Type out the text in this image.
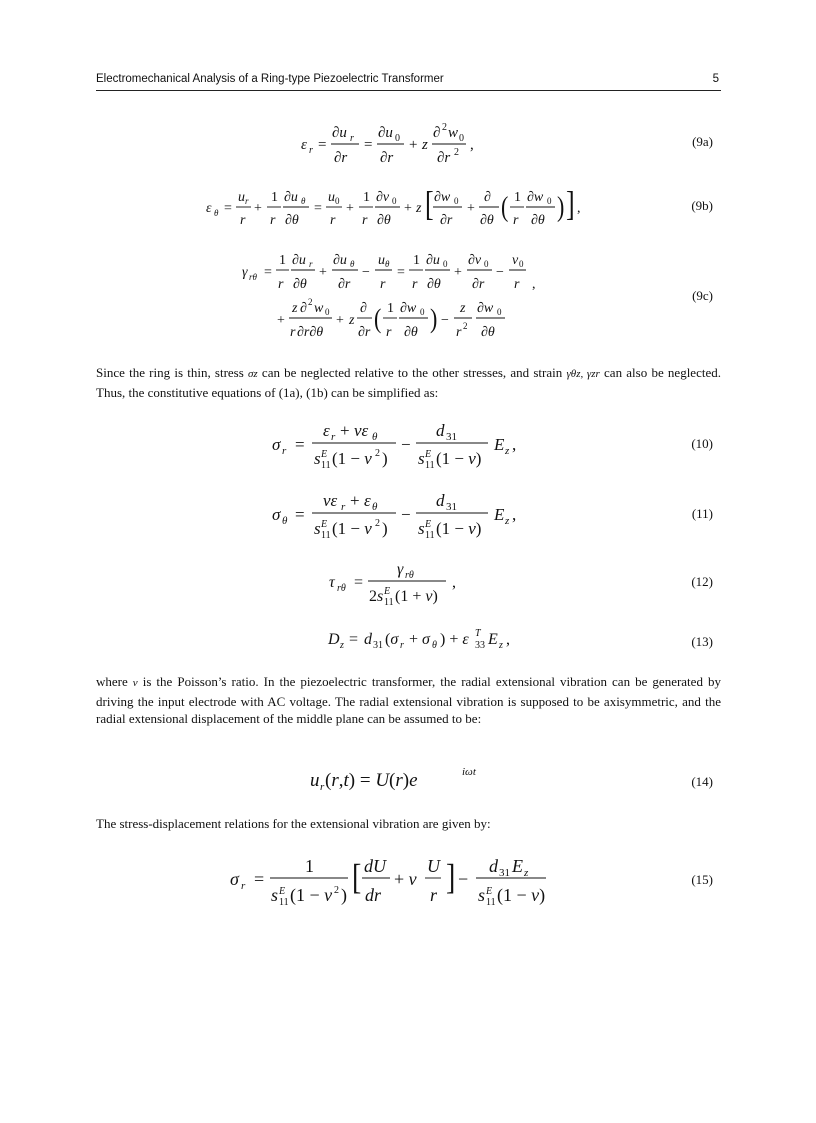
Electromechanical Analysis of a Ring-type Piezoelectric Transformer	5
ε r =
∂u r
∂r
=
∂u 0
∂r
+ z
∂ 2 w 0
∂r 2 ,	(9a)
ε θ =
u r
r
+
1
r
∂u θ
∂θ
=
u 0
r
+
1
r
∂v 0
∂θ
+ z [ ∂w 0
∂r
+
∂
∂θ ( 1
r
∂w 0
∂θ ) ] ,	(9b)
γ rθ =
1
r
∂u r
∂θ
+
∂u θ
∂r
−
u θ
r
=
1
r
∂u 0
∂θ
+
∂v 0
∂r
−
v 0
r ,
+
z ∂ 2 w 0
r ∂r∂θ
+ z
∂
∂r ( 1
r
∂w 0
∂θ ) −
z
r 2
∂w 0
∂θ
(9c)

Since the ring is thin, stress σz can be neglected relative to the other stresses, and strain γθz, γzr can also be neglected. Thus, the constitutive equations of (1a), (1b) can be simplified as:

σ r =
ε r + νε θ
s 11
E (1 − ν 2 )
−
d 31
s 11
E (1 − ν)
E z ,	(10)
σ θ =
νε r + ε θ
s 11
E (1 − ν 2 )
−
d 31
s 11
E (1 − ν)
E z ,	(11)
τ rθ =
γ rθ
2s 11
E (1 + ν)
,	(12)
D z = d 31 (σ r + σ θ ) + ε 33
T E z ,	(13)

where ν is the Poisson’s ratio. In the piezoelectric transformer, the radial extensional vibration can be generated by driving the input electrode with AC voltage. The radial extensional vibration is supposed to be axisymmetric, and the radial extensional displacement of the middle plane can be assumed to be:

u r (r,t) = U(r)e	iωt
(14)

The stress-displacement relations for the extensional vibration are given by:

σ r =
1
s 11
E (1 − ν 2 ) [ dU
dr
+ ν
U
r ] −
d 31 E z
s 11
E (1 − ν)
(15)
